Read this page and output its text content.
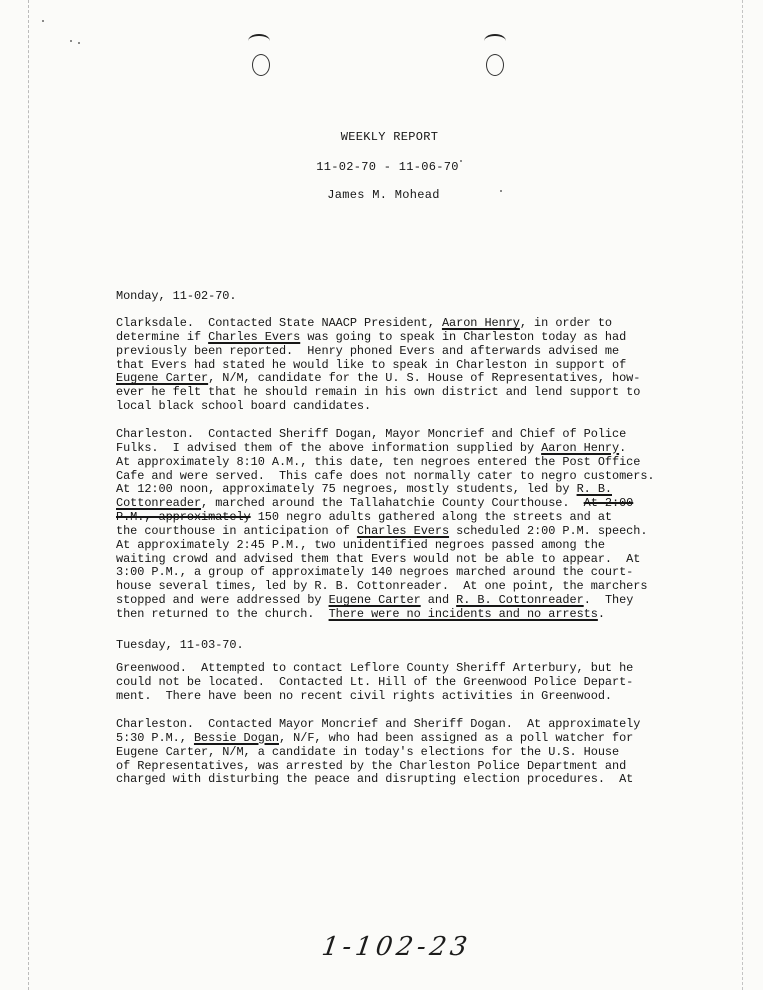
WEEKLY REPORT
11-02-70 - 11-06-70
James M. Mohead
Monday, 11-02-70.
Clarksdale.  Contacted State NAACP President, Aaron Henry, in order to
determine if Charles Evers was going to speak in Charleston today as had
previously been reported.  Henry phoned Evers and afterwards advised me
that Evers had stated he would like to speak in Charleston in support of
Eugene Carter, N/M, candidate for the U. S. House of Representatives, how-
ever he felt that he should remain in his own district and lend support to
local black school board candidates.
Charleston.  Contacted Sheriff Dogan, Mayor Moncrief and Chief of Police
Fulks.  I advised them of the above information supplied by Aaron Henry.
At approximately 8:10 A.M., this date, ten negroes entered the Post Office
Cafe and were served.  This cafe does not normally cater to negro customers.
At 12:00 noon, approximately 75 negroes, mostly students, led by R. B.
Cottonreader, marched around the Tallahatchie County Courthouse.  At 2:00
P.M., approximately 150 negro adults gathered along the streets and at
the courthouse in anticipation of Charles Evers scheduled 2:00 P.M. speech.
At approximately 2:45 P.M., two unidentified negroes passed among the
waiting crowd and advised them that Evers would not be able to appear.  At
3:00 P.M., a group of approximately 140 negroes marched around the court-
house several times, led by R. B. Cottonreader.  At one point, the marchers
stopped and were addressed by Eugene Carter and R. B. Cottonreader.  They
then returned to the church.  There were no incidents and no arrests.
Tuesday, 11-03-70.
Greenwood.  Attempted to contact Leflore County Sheriff Arterbury, but he
could not be located.  Contacted Lt. Hill of the Greenwood Police Depart-
ment.  There have been no recent civil rights activities in Greenwood.
Charleston.  Contacted Mayor Moncrief and Sheriff Dogan.  At approximately
5:30 P.M., Bessie Dogan, N/F, who had been assigned as a poll watcher for
Eugene Carter, N/M, a candidate in today's elections for the U.S. House
of Representatives, was arrested by the Charleston Police Department and
charged with disturbing the peace and disrupting election procedures.  At
1-102-23
